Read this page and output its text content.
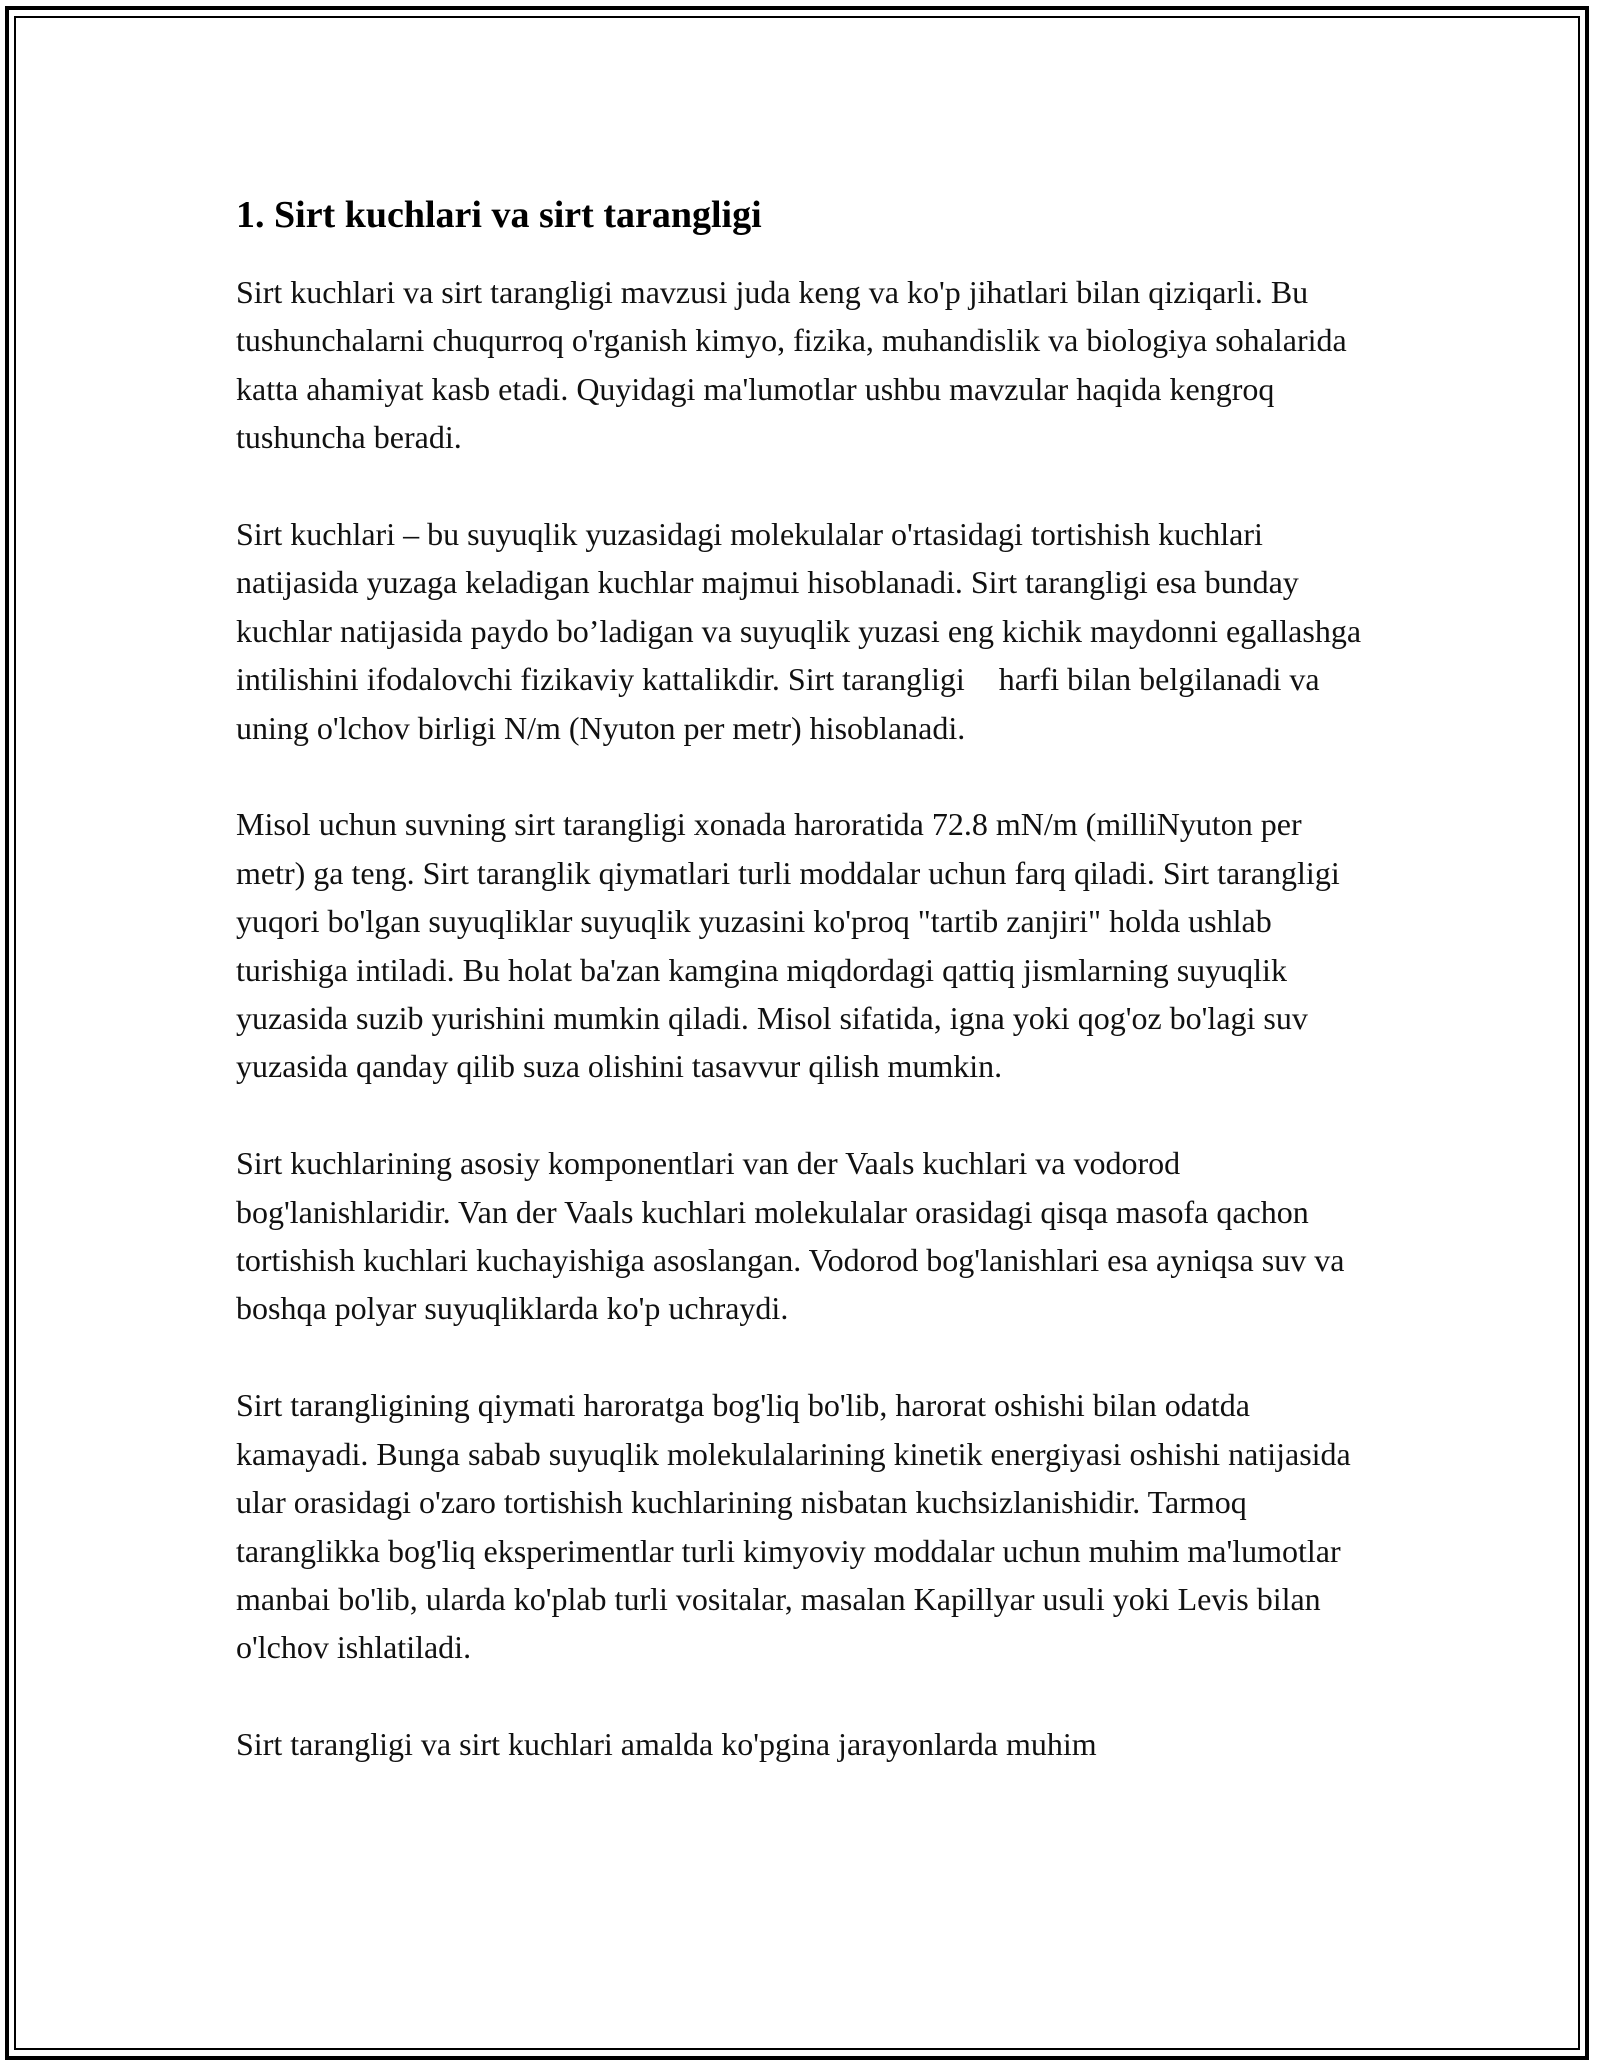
1. Sirt kuchlari va sirt tarangligi

Sirt kuchlari va sirt tarangligi mavzusi juda keng va ko'p jihatlari bilan qiziqarli. Bu tushunchalarni chuqurroq o'rganish kimyo, fizika, muhandislik va biologiya sohalarida katta ahamiyat kasb etadi. Quyidagi ma'lumotlar ushbu mavzular haqida kengroq tushuncha beradi.

Sirt kuchlari – bu suyuqlik yuzasidagi molekulalar o'rtasidagi tortishish kuchlari natijasida yuzaga keladigan kuchlar majmui hisoblanadi. Sirt tarangligi esa bunday kuchlar natijasida paydo bo’ladigan va suyuqlik yuzasi eng kichik maydonni egallashga intilishini ifodalovchi fizikaviy kattalikdir. Sirt tarangligi harfi bilan belgilanadi va uning o'lchov birligi N/m (Nyuton per metr) hisoblanadi.

Misol uchun suvning sirt tarangligi xonada haroratida 72.8 mN/m (milliNyuton per metr) ga teng. Sirt taranglik qiymatlari turli moddalar uchun farq qiladi. Sirt tarangligi yuqori bo'lgan suyuqliklar suyuqlik yuzasini ko'proq "tartib zanjiri" holda ushlab turishiga intiladi. Bu holat ba'zan kamgina miqdordagi qattiq jismlarning suyuqlik yuzasida suzib yurishini mumkin qiladi. Misol sifatida, igna yoki qog'oz bo'lagi suv yuzasida qanday qilib suza olishini tasavvur qilish mumkin.

Sirt kuchlarining asosiy komponentlari van der Vaals kuchlari va vodorod bog'lanishlaridir. Van der Vaals kuchlari molekulalar orasidagi qisqa masofa qachon tortishish kuchlari kuchayishiga asoslangan. Vodorod bog'lanishlari esa ayniqsa suv va boshqa polyar suyuqliklarda ko'p uchraydi.

Sirt tarangligining qiymati haroratga bog'liq bo'lib, harorat oshishi bilan odatda kamayadi. Bunga sabab suyuqlik molekulalarining kinetik energiyasi oshishi natijasida ular orasidagi o'zaro tortishish kuchlarining nisbatan kuchsizlanishidir. Tarmoq taranglikka bog'liq eksperimentlar turli kimyoviy moddalar uchun muhim ma'lumotlar manbai bo'lib, ularda ko'plab turli vositalar, masalan Kapillyar usuli yoki Levis bilan o'lchov ishlatiladi.

Sirt tarangligi va sirt kuchlari amalda ko'pgina jarayonlarda muhim
